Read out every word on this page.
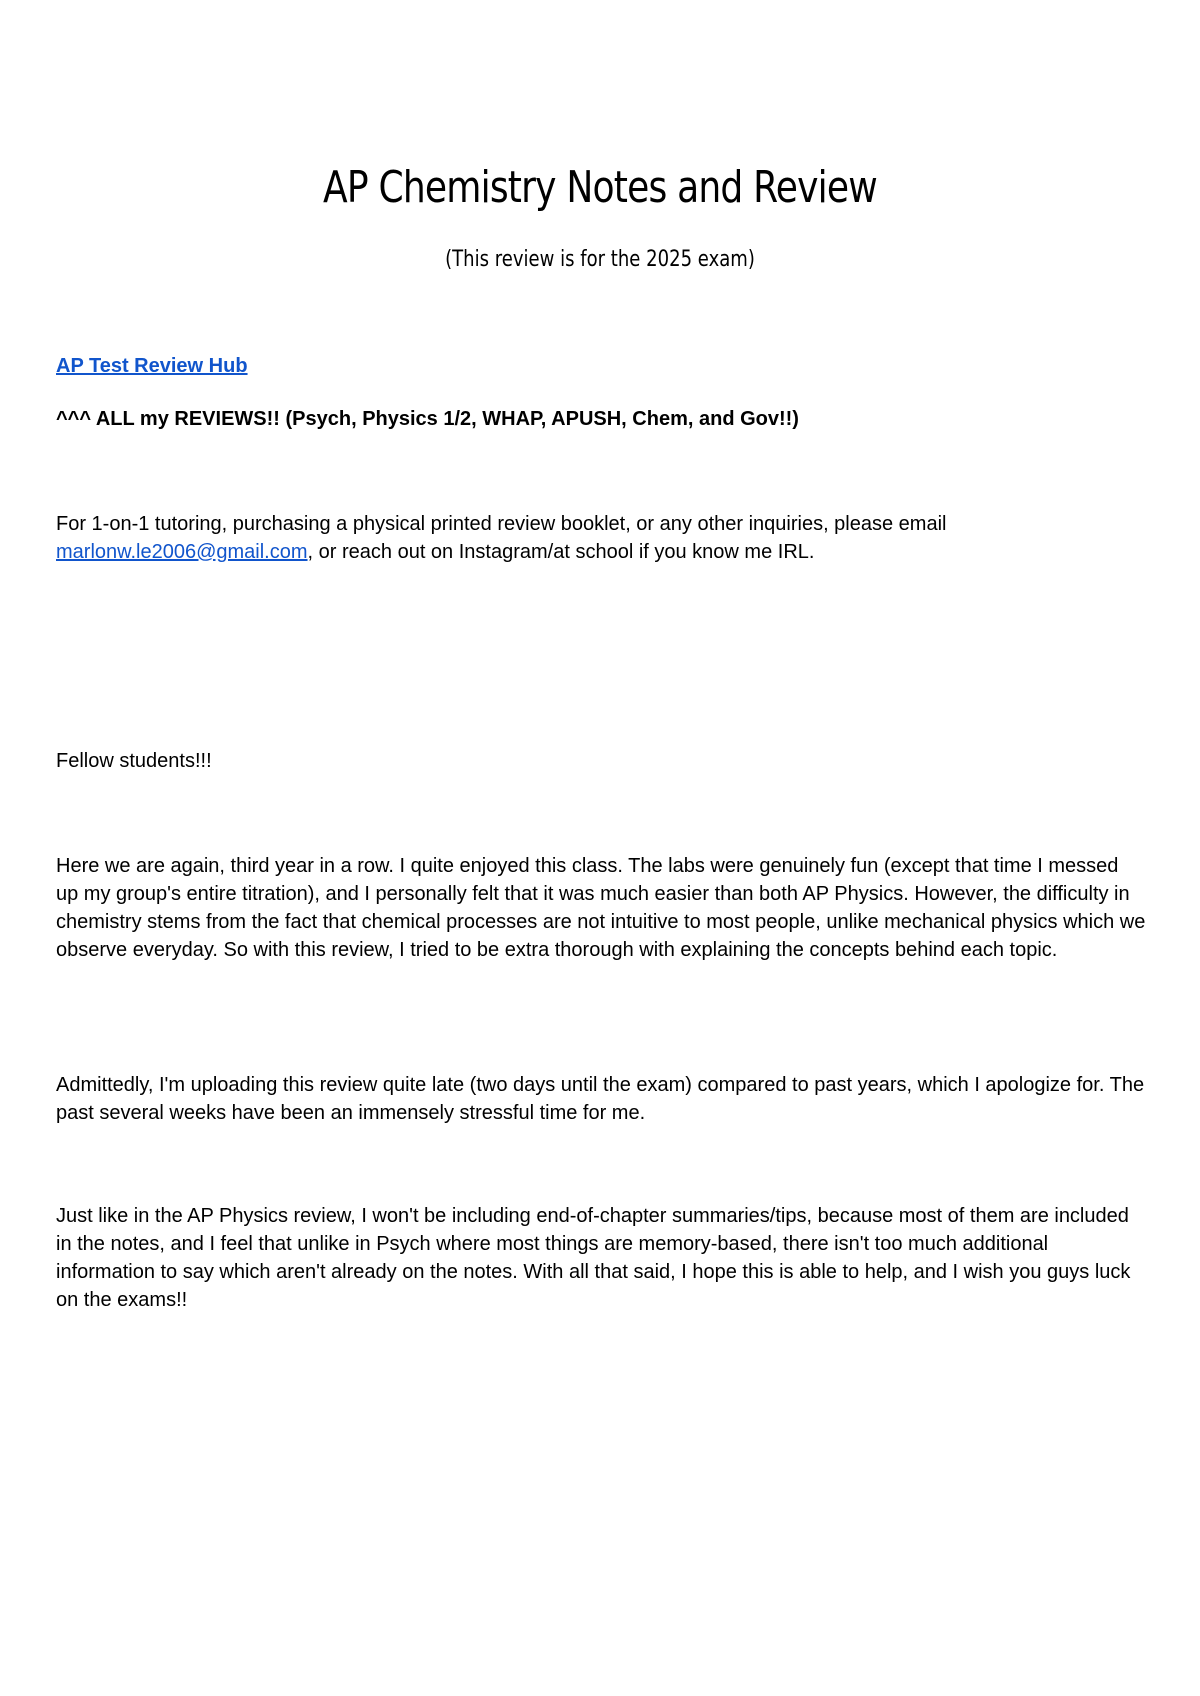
AP Chemistry Notes and Review

(This review is for the 2025 exam)

AP Test Review Hub

^^^ ALL my REVIEWS!! (Psych, Physics 1/2, WHAP, APUSH, Chem, and Gov!!)

For 1-on-1 tutoring, purchasing a physical printed review booklet, or any other inquiries, please email marlonw.le2006@gmail.com, or reach out on Instagram/at school if you know me IRL.

Fellow students!!!

Here we are again, third year in a row. I quite enjoyed this class. The labs were genuinely fun (except that time I messed up my group's entire titration), and I personally felt that it was much easier than both AP Physics. However, the difficulty in chemistry stems from the fact that chemical processes are not intuitive to most people, unlike mechanical physics which we observe everyday. So with this review, I tried to be extra thorough with explaining the concepts behind each topic.

Admittedly, I'm uploading this review quite late (two days until the exam) compared to past years, which I apologize for. The past several weeks have been an immensely stressful time for me.

Just like in the AP Physics review, I won't be including end-of-chapter summaries/tips, because most of them are included in the notes, and I feel that unlike in Psych where most things are memory-based, there isn't too much additional information to say which aren't already on the notes. With all that said, I hope this is able to help, and I wish you guys luck on the exams!!
